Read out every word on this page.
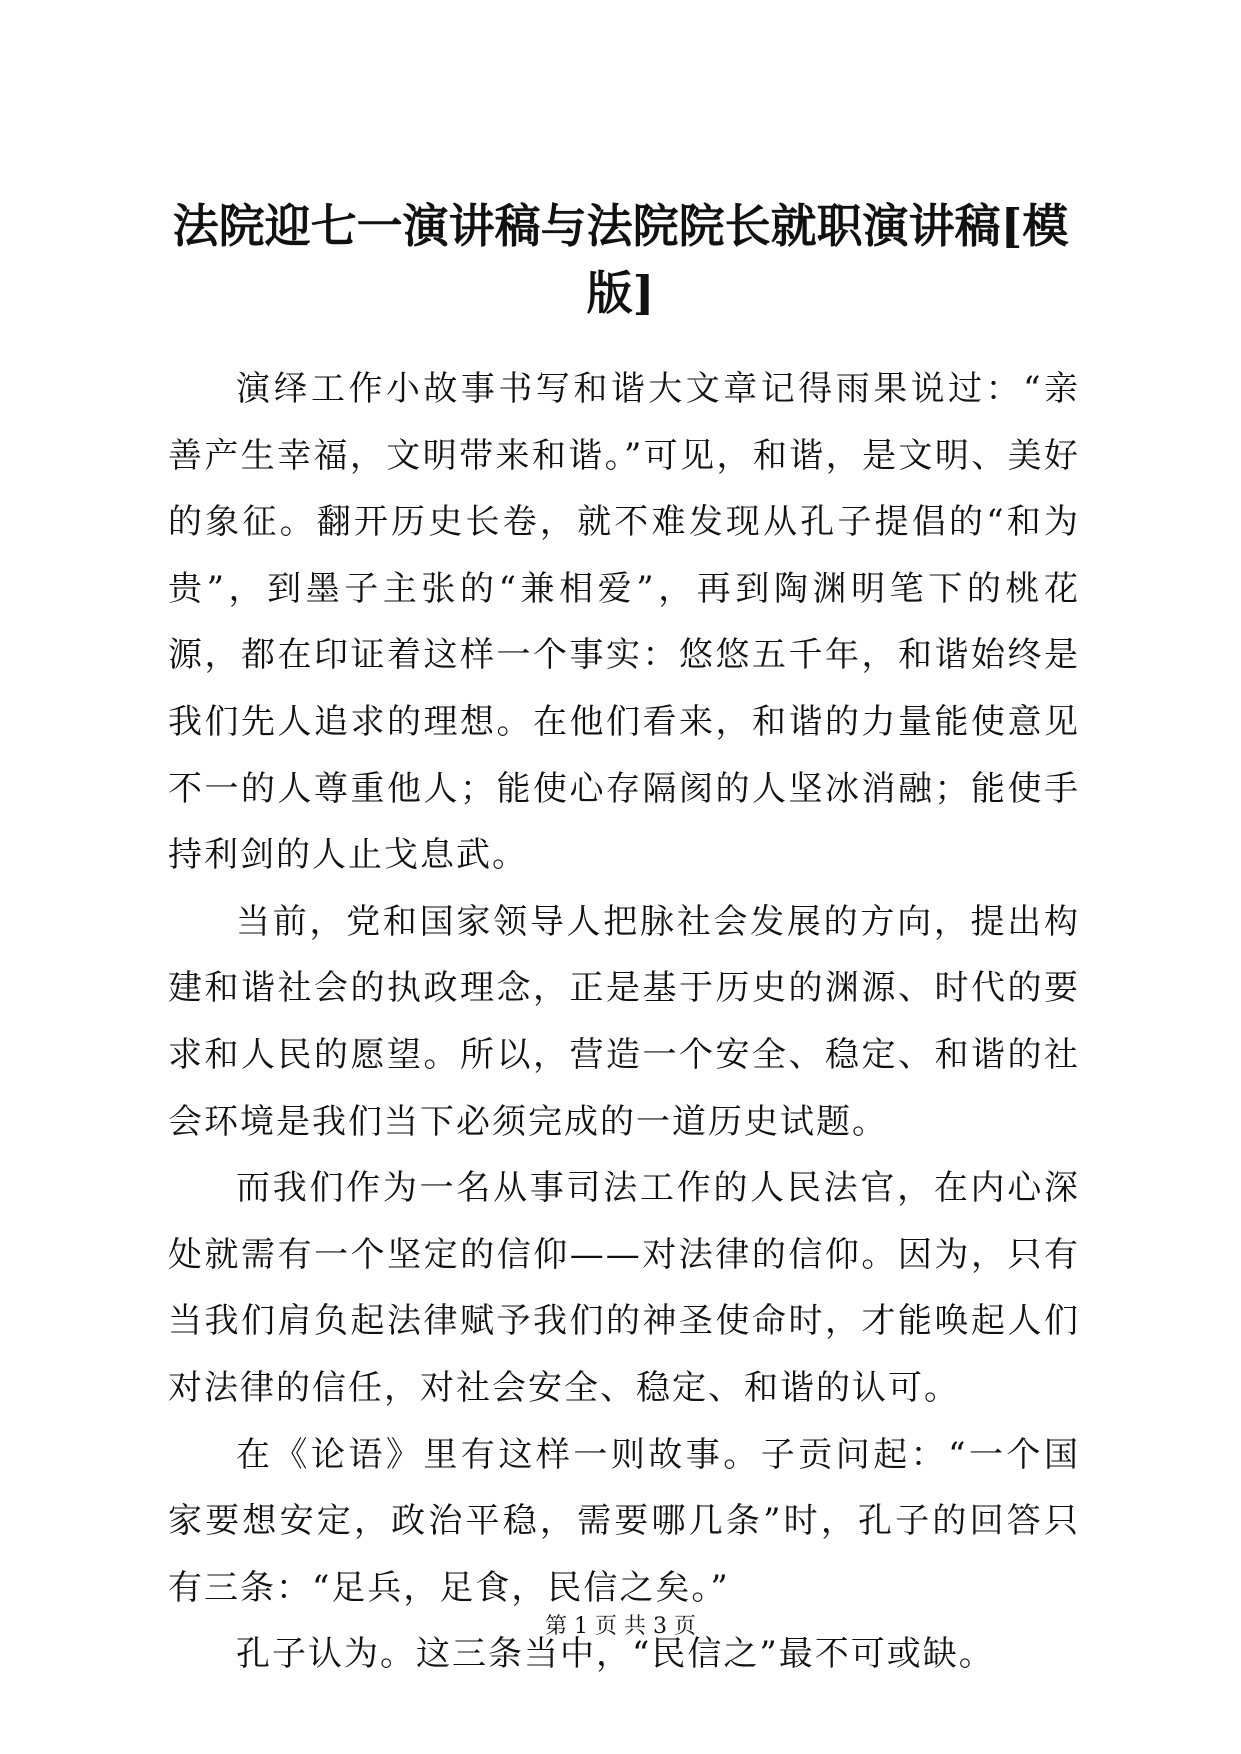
法院迎七一演讲稿与法院院长就职演讲稿[模版]

演绎工作小故事书写和谐大文章记得雨果说过：“亲善产生幸福，文明带来和谐。”可见，和谐，是文明、美好的象征。翻开历史长卷，就不难发现从孔子提倡的“和为贵”，到墨子主张的“兼相爱”，再到陶渊明笔下的桃花源，都在印证着这样一个事实：悠悠五千年，和谐始终是我们先人追求的理想。在他们看来，和谐的力量能使意见不一的人尊重他人；能使心存隔阂的人坚冰消融；能使手持利剑的人止戈息武。

当前，党和国家领导人把脉社会发展的方向，提出构建和谐社会的执政理念，正是基于历史的渊源、时代的要求和人民的愿望。所以，营造一个安全、稳定、和谐的社会环境是我们当下必须完成的一道历史试题。

而我们作为一名从事司法工作的人民法官，在内心深处就需有一个坚定的信仰——对法律的信仰。因为，只有当我们肩负起法律赋予我们的神圣使命时，才能唤起人们对法律的信任，对社会安全、稳定、和谐的认可。

在《论语》里有这样一则故事。子贡问起：“一个国家要想安定，政治平稳，需要哪几条”时，孔子的回答只有三条：“足兵，足食，民信之矣。”

孔子认为。这三条当中，“民信之”最不可或缺。

第 1 页 共 3 页
